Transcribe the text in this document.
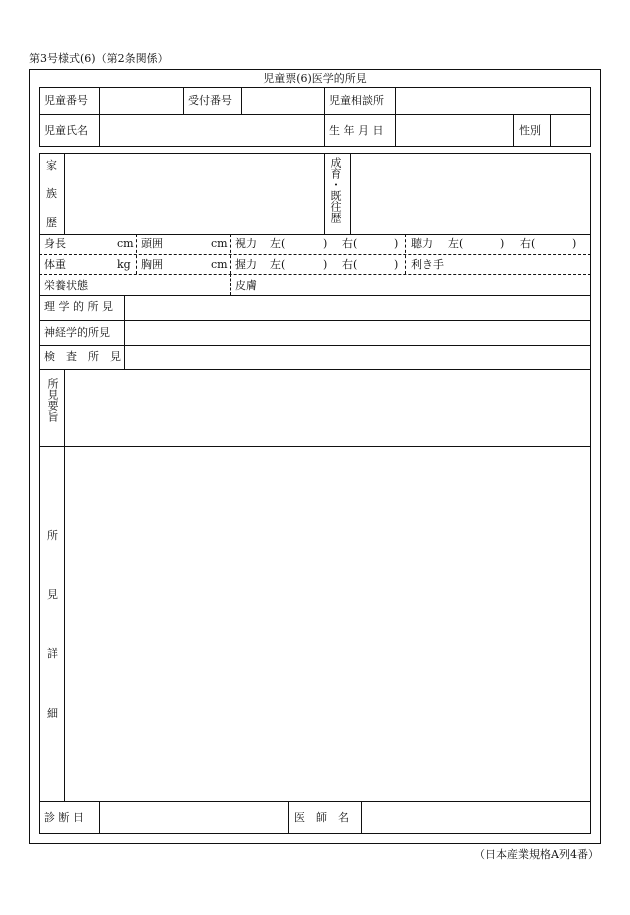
第3号様式(6)（第2条関係）
児童票(6)医学的所見
児童番号	受付番号	児童相談所
児童氏名	生 年 月 日	性別
家
族
歴	成育・既往歴
身長	cm 頭囲	cm 視力 左(	) 右(	) 聴力 左(	) 右(	)
体重	kg 胸囲	cm 握力 左(	) 右(	) 利き手
栄養状態	皮膚
理 学 的 所 見
神経学的所見
検　査　所　見
所見要旨
所
見
詳
細
診 断 日	医　師　名
（日本産業規格A列4番）
